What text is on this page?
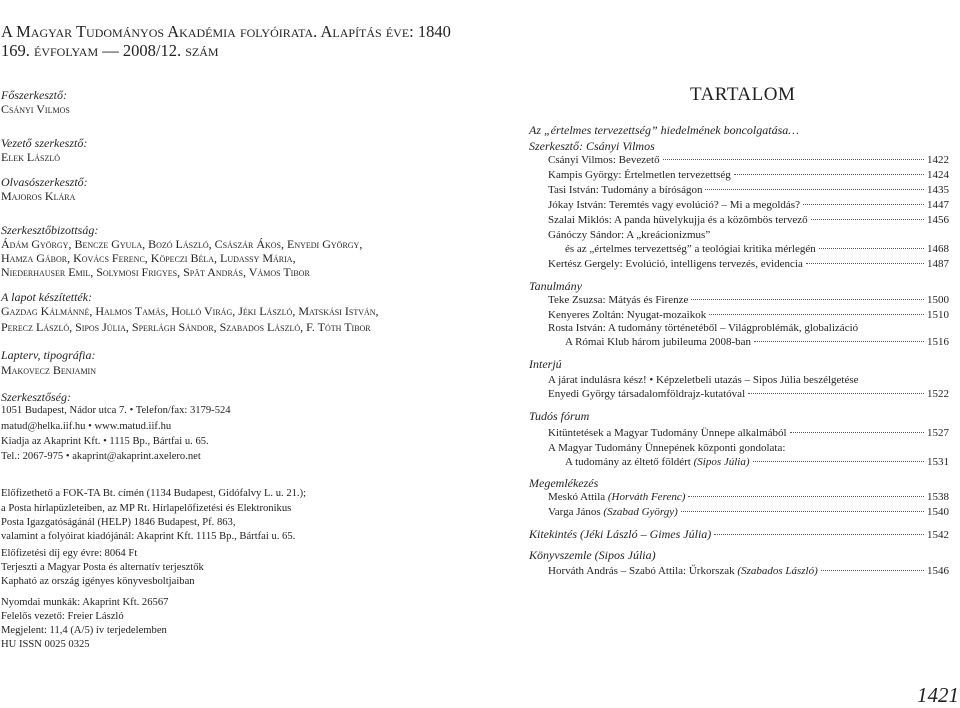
A Magyar Tudományos Akadémia folyóirata. Alapítás éve: 1840
169. évfolyam — 2008/12. szám
Főszerkesztő:
Csányi Vilmos
Vezető szerkesztő:
Elek László
Olvasószerkesztő:
Majoros Klára
Szerkesztőbizottság:
Ádám György, Bencze Gyula, Bozó László, Császár Ákos, Enyedi György,
Hamza Gábor, Kovács Ferenc, Köpeczi Béla, Ludassy Mária,
Niederhauser Emil, Solymosi Frigyes, Spät András, Vámos Tibor
A lapot készítették:
Gazdag Kálmánné, Halmos Tamás, Holló Virág, Jéki László, Matskási István,
Perecz László, Sipos Júlia, Sperlágh Sándor, Szabados László, F. Tóth Tibor
Lapterv, tipográfia:
Makovecz Benjamin
Szerkesztőség:
1051 Budapest, Nádor utca 7. • Telefon/fax: 3179-524
matud@helka.iif.hu • www.matud.iif.hu
Kiadja az Akaprint Kft. • 1115 Bp., Bártfai u. 65.
Tel.: 2067-975 • akaprint@akaprint.axelero.net
Előfizethető a FOK-TA Bt. címén (1134 Budapest, Gidófalvy L. u. 21.);
a Posta hírlapüzleteiben, az MP Rt. Hírlapelőfizetési és Elektronikus
Posta Igazgatóságánál (HELP) 1846 Budapest, Pf. 863,
valamint a folyóirat kiadójánál: Akaprint Kft. 1115 Bp., Bártfai u. 65.
Előfizetési díj egy évre: 8064 Ft
Terjeszti a Magyar Posta és alternatív terjesztők
Kapható az ország igényes könyvesboltjaiban
Nyomdai munkák: Akaprint Kft. 26567
Felelős vezető: Freier László
Megjelent: 11,4 (A/5) ív terjedelemben
HU ISSN 0025 0325
TARTALOM
Az „értelmes tervezettség” hiedelmének boncolgatása…
Szerkesztő: Csányi Vilmos
Csányi Vilmos: Bevezető	1422
Kampis György: Értelmetlen tervezettség	1424
Tasi István: Tudomány a bíróságon	1435
Jókay István: Teremtés vagy evolúció? – Mi a megoldás?	1447
Szalai Miklós: A panda hüvelykujja és a közömbös tervező	1456
Gánóczy Sándor: A „kreácionizmus”
és az „értelmes tervezettség” a teológiai kritika mérlegén	1468
Kertész Gergely: Evolúció, intelligens tervezés, evidencia	1487
Tanulmány
Teke Zsuzsa: Mátyás és Firenze	1500
Kenyeres Zoltán: Nyugat-mozaikok	1510
Rosta István: A tudomány történetéből – Világproblémák, globalizáció
A Római Klub három jubileuma 2008-ban	1516
Interjú
A járat indulásra kész! • Képzeletbeli utazás – Sipos Júlia beszélgetése
Enyedi György társadalomföldrajz-kutatóval	1522
Tudós fórum
Kitüntetések a Magyar Tudomány Ünnepe alkalmából	1527
A Magyar Tudomány Ünnepének központi gondolata:
A tudomány az éltető földért (Sipos Júlia)	1531
Megemlékezés
Meskó Attila (Horváth Ferenc)	1538
Varga János (Szabad György)	1540
Kitekintés (Jéki László – Gimes Júlia)	1542
Könyvszemle (Sipos Júlia)
Horváth András – Szabó Attila: Űrkorszak (Szabados László)	1546
1421
